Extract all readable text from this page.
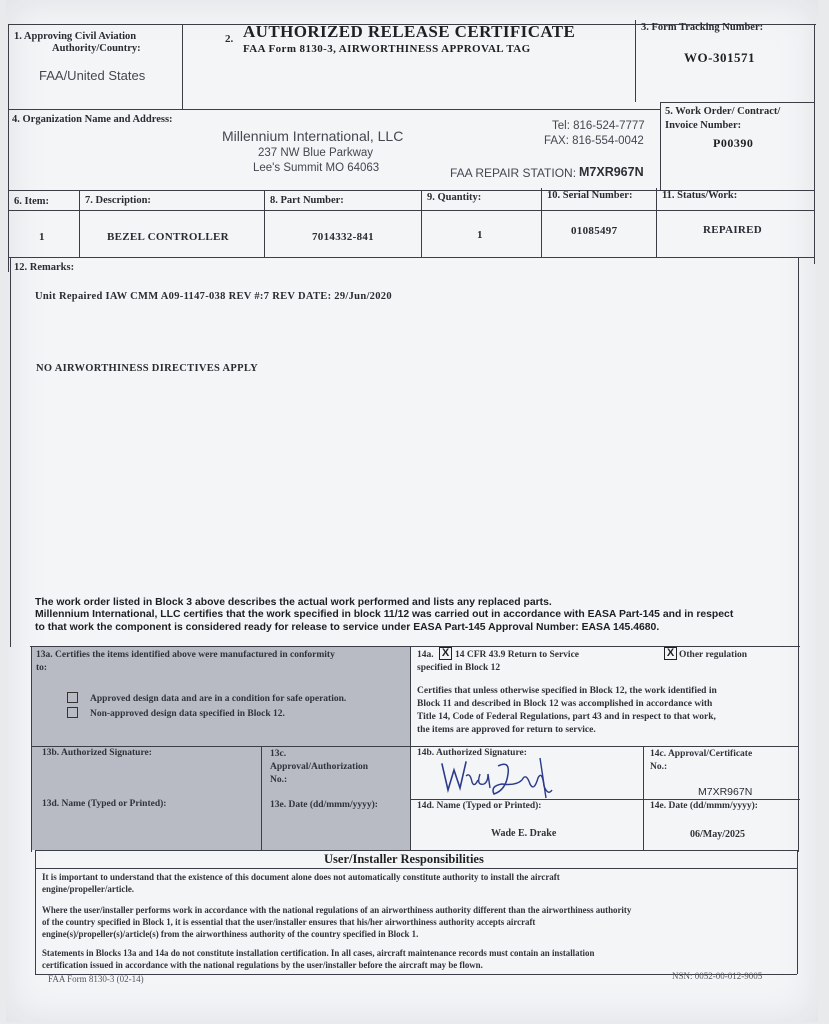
1. Approving Civil Aviation
Authority/Country:
FAA/United States
2. AUTHORIZED RELEASE CERTIFICATE
FAA Form 8130-3, AIRWORTHINESS APPROVAL TAG
3. Form Tracking Number:
WO-301571
4. Organization Name and Address:
Millennium International, LLC
237 NW Blue Parkway
Lee's Summit MO 64063
Tel: 816-524-7777
FAX: 816-554-0042
FAA REPAIR STATION: M7XR967N
5. Work Order/ Contract/
Invoice Number:
P00390
6. Item:	7. Description:	8. Part Number:	9. Quantity:	10. Serial Number:	11. Status/Work:
1	BEZEL CONTROLLER	7014332-841	1	01085497	REPAIRED
12. Remarks:
Unit Repaired IAW CMM A09-1147-038 REV #:7 REV DATE: 29/Jun/2020
NO AIRWORTHINESS DIRECTIVES APPLY
The work order listed in Block 3 above describes the actual work performed and lists any replaced parts.
Millennium International, LLC certifies that the work specified in block 11/12 was carried out in accordance with EASA Part-145 and in respect
to that work the component is considered ready for release to service under EASA Part-145 Approval Number: EASA 145.4680.
13a. Certifies the items identified above were manufactured in conformity
to:
Approved design data and are in a condition for safe operation.
Non-approved design data specified in Block 12.
14a. X 14 CFR 43.9 Return to Service
specified in Block 12
X Other regulation
Certifies that unless otherwise specified in Block 12, the work identified in
Block 11 and described in Block 12 was accomplished in accordance with
Title 14, Code of Federal Regulations, part 43 and in respect to that work,
the items are approved for return to service.
13b. Authorized Signature:	13c.
Approval/Authorization
No.:
14b. Authorized Signature:	14c. Approval/Certificate
No.:
M7XR967N
13d. Name (Typed or Printed):	13e. Date (dd/mmm/yyyy):	14d. Name (Typed or Printed):
Wade E. Drake
14e. Date (dd/mmm/yyyy):
06/May/2025
User/Installer Responsibilities
It is important to understand that the existence of this document alone does not automatically constitute authority to install the aircraft
engine/propeller/article.
Where the user/installer performs work in accordance with the national regulations of an airworthiness authority different than the airworthiness authority
of the country specified in Block 1, it is essential that the user/installer ensures that his/her airworthiness authority accepts aircraft
engine(s)/propeller(s)/article(s) from the airworthiness authority of the country specified in Block 1.
Statements in Blocks 13a and 14a do not constitute installation certification. In all cases, aircraft maintenance records must contain an installation
certification issued in accordance with the national regulations by the user/installer before the aircraft may be flown.
FAA Form 8130-3 (02-14)	NSN: 0052-00-012-9005
